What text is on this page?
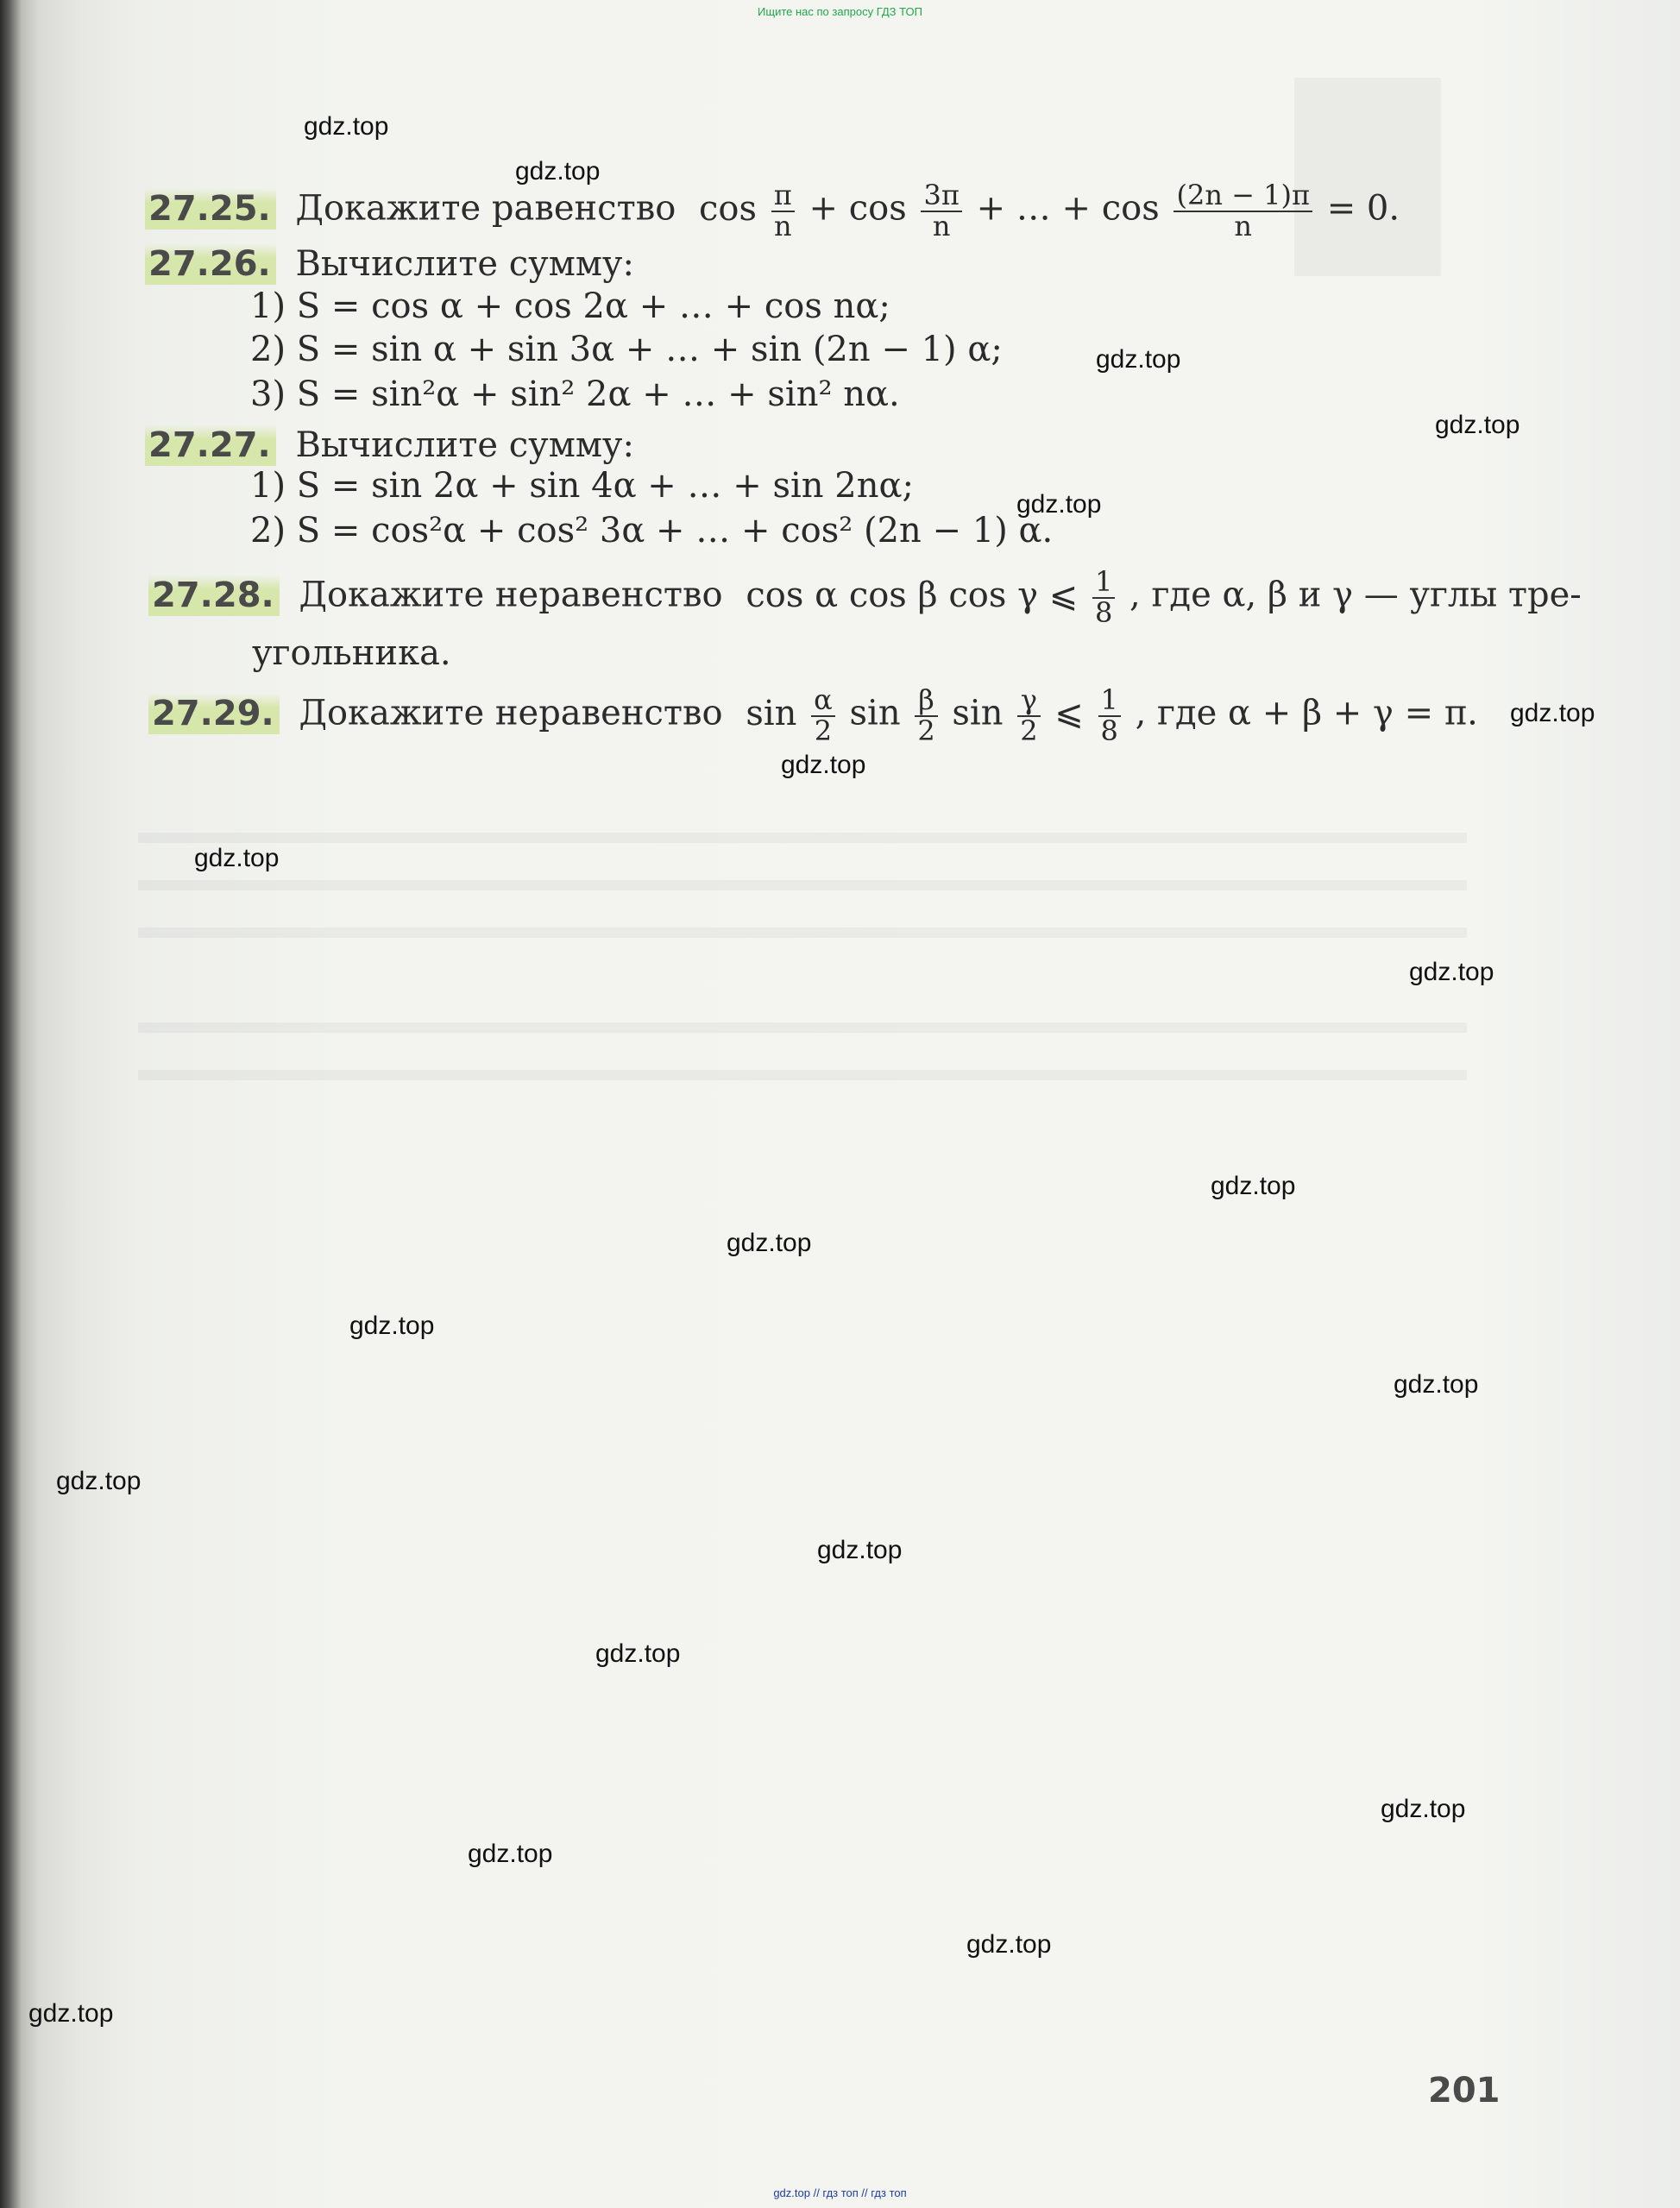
Ищите нас по запросу ГДЗ ТОП
27.25. Докажите равенство $\cos \frac{\pi}{n} + \cos \frac{3\pi}{n}$ + … + $\cos \frac{(2n - 1)\pi}{n} = 0$.
27.26. Вычислите сумму:
1) S = cos α + cos 2α + … + cos nα;
2) S = sin α + sin 3α + … + sin (2n − 1) α;
3) S = sin²α + sin² 2α + … + sin² nα.
27.27. Вычислите сумму:
1) S = sin 2α + sin 4α + … + sin 2nα;
2) S = cos²α + cos² 3α + … + cos² (2n − 1) α.
27.28. Докажите неравенство cos α cos β cos γ ⩽ $\frac{1}{8}$ , где α, β и γ — углы тре-
угольника.
27.29. Докажите неравенство $\sin \frac{\alpha}{2}$ $\sin \frac{\beta}{2}$ $\sin \frac{\gamma}{2}$ ⩽ $\frac{1}{8}$ , где α + β + γ = π.
gdz.top
gdz.top
gdz.top
gdz.top
gdz.top
gdz.top
gdz.top
gdz.top
gdz.top
gdz.top
gdz.top
gdz.top
gdz.top
gdz.top
gdz.top
gdz.top
gdz.top
gdz.top
gdz.top
gdz.top
201
gdz.top // гдз топ // гдз топ
